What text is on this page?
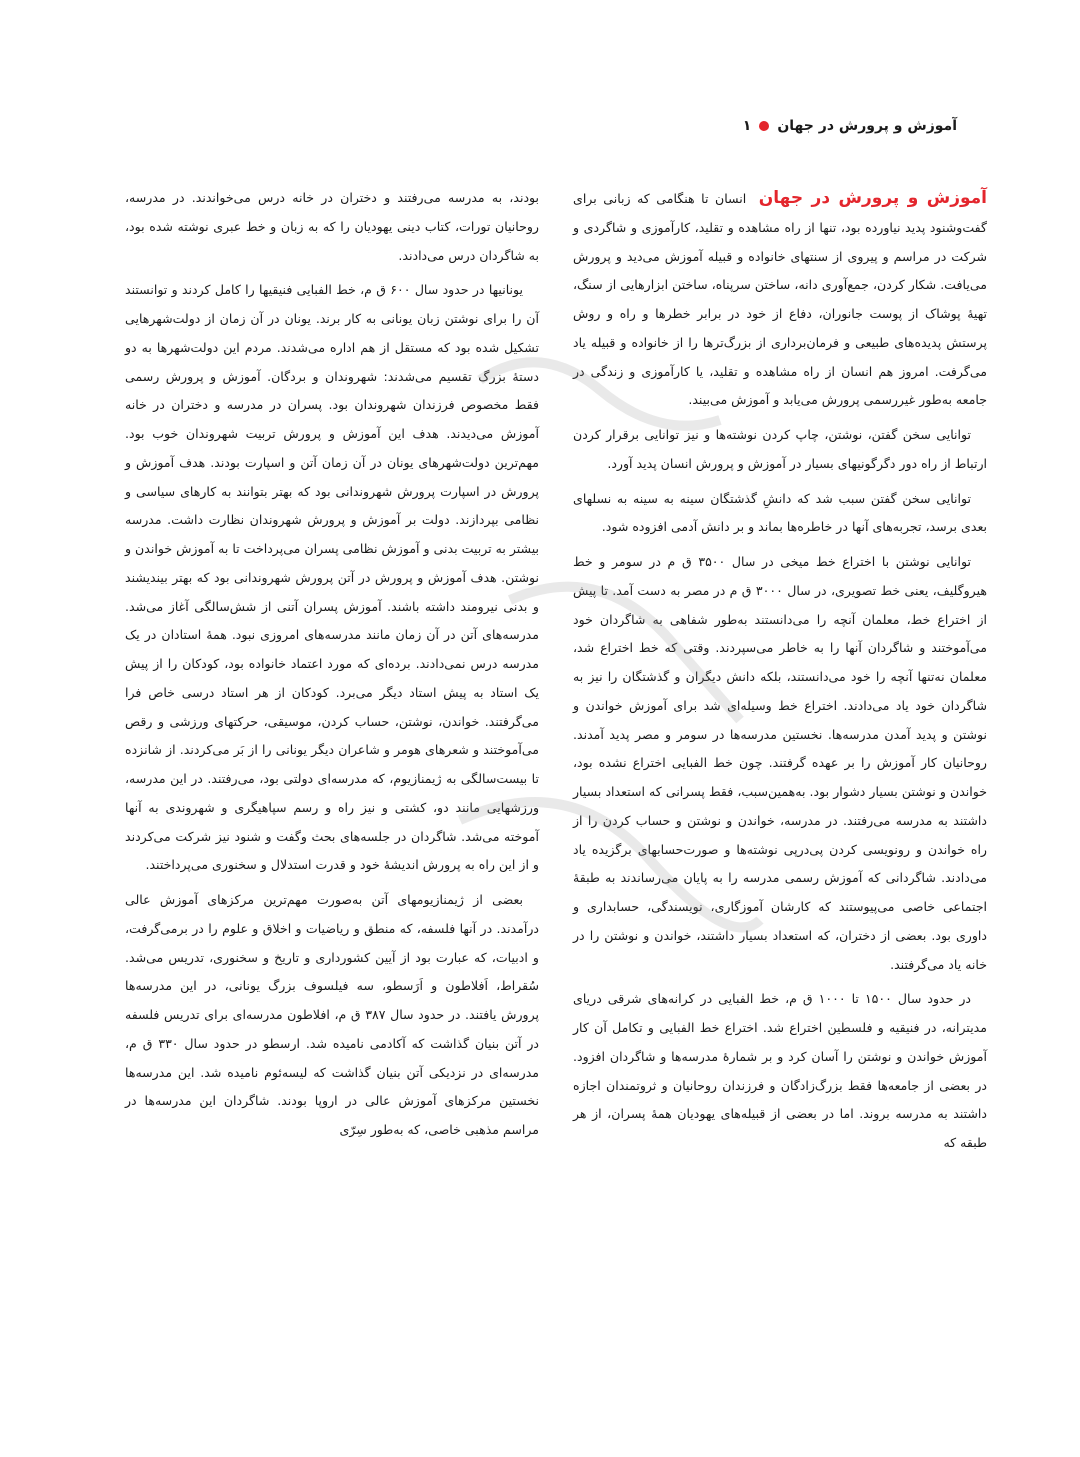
آموزش و پرورش در جهان
۱

آموزش و پرورش در جهان انسان تا هنگامی که زبانی برای گفت‌وشنود پدید نیاورده بود، تنها از راه مشاهده و تقلید، کارآموزی و شاگردی و شرکت در مراسم و پیروی از سنتهای خانواده و قبیله آموزش می‌دید و پرورش می‌یافت. شکار کردن، جمع‌آوری دانه، ساختن سرپناه، ساختن ابزارهایی از سنگ، تهیهٔ پوشاک از پوست جانوران، دفاع از خود در برابر خطرها و راه و روش پرستش پدیده‌های طبیعی و فرمان‌برداری از بزرگ‌ترها را از خانواده و قبیله یاد می‌گرفت. امروز هم انسان از راه مشاهده و تقلید، یا کارآموزی و زندگی در جامعه به‌طور غیررسمی پرورش می‌یابد و آموزش می‌بیند.

توانایی سخن گفتن، نوشتن، چاپ کردن نوشته‌ها و نیز توانایی برقرار کردن ارتباط از راه دور دگرگونیهای بسیار در آموزش و پرورش انسان پدید آورد.

توانایی سخن گفتن سبب شد که دانشِ گذشتگان سینه به سینه به نسلهای بعدی برسد، تجربه‌های آنها در خاطره‌ها بماند و بر دانش آدمی افزوده شود.

توانایی نوشتن با اختراع خط میخی در سال ۳۵۰۰ ق م در سومر و خط هیروگلیف، یعنی خط تصویری، در سال ۳۰۰۰ ق م در مصر به دست آمد. تا پیش از اختراع خط، معلمان آنچه را می‌دانستند به‌طور شفاهی به شاگردان خود می‌آموختند و شاگردان آنها را به خاطر می‌سپردند. وقتی که خط اختراع شد، معلمان نه‌تنها آنچه را خود می‌دانستند، بلکه دانش دیگران و گذشتگان را نیز به شاگردان خود یاد می‌دادند. اختراع خط وسیله‌ای شد برای آموزش خواندن و نوشتن و پدید آمدن مدرسه‌ها. نخستین مدرسه‌ها در سومر و مصر پدید آمدند. روحانیان کار آموزش را بر عهده گرفتند. چون خط الفبایی اختراع نشده بود، خواندن و نوشتن بسیار دشوار بود. به‌همین‌سبب، فقط پسرانی که استعداد بسیار داشتند به مدرسه می‌رفتند. در مدرسه، خواندن و نوشتن و حساب کردن را از راه خواندن و رونویسی کردن پی‌درپی نوشته‌ها و صورت‌حسابهای برگزیده یاد می‌دادند. شاگردانی که آموزش رسمی مدرسه را به پایان می‌رساندند به طبقهٔ اجتماعی خاصی می‌پیوستند که کارشان آموزگاری، نویسندگی، حسابداری و داوری بود. بعضی از دختران، که استعداد بسیار داشتند، خواندن و نوشتن را در خانه یاد می‌گرفتند.

در حدود سال ۱۵۰۰ تا ۱۰۰۰ ق م، خط الفبایی در کرانه‌های شرقی دریای مدیترانه، در فنیقیه و فلسطین اختراع شد. اختراع خط الفبایی و تکامل آن کار آموزش خواندن و نوشتن را آسان کرد و بر شمارهٔ مدرسه‌ها و شاگردان افزود. در بعضی از جامعه‌ها فقط بزرگ‌زادگان و فرزندان روحانیان و ثروتمندان اجازه داشتند به مدرسه بروند. اما در بعضی از قبیله‌های یهودیان همهٔ پسران، از هر طبقه که

بودند، به مدرسه می‌رفتند و دختران در خانه درس می‌خواندند. در مدرسه، روحانیان تورات، کتاب دینی یهودیان را که به زبان و خط عبری نوشته شده بود، به شاگردان درس می‌دادند.

یونانیها در حدود سال ۶۰۰ ق م، خط الفبایی فنیقیها را کامل کردند و توانستند آن را برای نوشتن زبان یونانی به کار برند. یونان در آن زمان از دولت‌شهرهایی تشکیل شده بود که مستقل از هم اداره می‌شدند. مردم این دولت‌شهرها به دو دستهٔ بزرگ تقسیم می‌شدند: شهروندان و بردگان. آموزش و پرورش رسمی فقط مخصوص فرزندان شهروندان بود. پسران در مدرسه و دختران در خانه آموزش می‌دیدند. هدف این آموزش و پرورش تربیت شهروندان خوب بود. مهم‌ترین دولت‌شهرهای یونان در آن زمان آتن و اسپارت بودند. هدف آموزش و پرورش در اسپارت پرورش شهروندانی بود که بهتر بتوانند به کارهای سیاسی و نظامی بپردازند. دولت بر آموزش و پرورش شهروندان نظارت داشت. مدرسه بیشتر به تربیت بدنی و آموزش نظامی پسران می‌پرداخت تا به آموزش خواندن و نوشتن. هدف آموزش و پرورش در آتن پرورش شهروندانی بود که بهتر بیندیشند و بدنی نیرومند داشته باشند. آموزش پسران آتنی از شش‌سالگی آغاز می‌شد. مدرسه‌های آتن در آن زمان مانند مدرسه‌های امروزی نبود. همهٔ استادان در یک مدرسه درس نمی‌دادند. برده‌ای که مورد اعتماد خانواده بود، کودکان را از پیش یک استاد به پیش استاد دیگر می‌برد. کودکان از هر استاد درسی خاص فرا می‌گرفتند. خواندن، نوشتن، حساب کردن، موسیقی، حرکتهای ورزشی و رقص می‌آموختند و شعرهای هومر و شاعران دیگر یونانی را از بَر می‌کردند. از شانزده تا بیست‌سالگی به ژیمنازیوم، که مدرسه‌ای دولتی بود، می‌رفتند. در این مدرسه، ورزشهایی مانند دو، کشتی و نیز راه و رسم سپاهیگری و شهروندی به آنها آموخته می‌شد. شاگردان در جلسه‌های بحث وگفت و شنود نیز شرکت می‌کردند و از این راه به پرورش اندیشهٔ خود و قدرت استدلال و سخنوری می‌پرداختند.

بعضی از ژیمنازیومهای آتن به‌صورت مهم‌ترین مرکزهای آموزش عالی درآمدند. در آنها فلسفه، که منطق و ریاضیات و اخلاق و علوم را در برمی‌گرفت، و ادبیات، که عبارت بود از آیین کشورداری و تاریخ و سخنوری، تدریس می‌شد. سُقراط، اَفلاطون و اَرَسطو، سه فیلسوف بزرگ یونانی، در این مدرسه‌ها پرورش یافتند. در حدود سال ۳۸۷ ق م، افلاطون مدرسه‌ای برای تدریس فلسفه در آتن بنیان گذاشت که آکادمی نامیده شد. ارسطو در حدود سال ۳۳۰ ق م، مدرسه‌ای در نزدیکی آتن بنیان گذاشت که لیسه‌ئوم نامیده شد. این مدرسه‌ها نخستین مرکزهای آموزش عالی در اروپا بودند. شاگردان این مدرسه‌ها در مراسم مذهبی خاصی، که به‌طور سِرّی
